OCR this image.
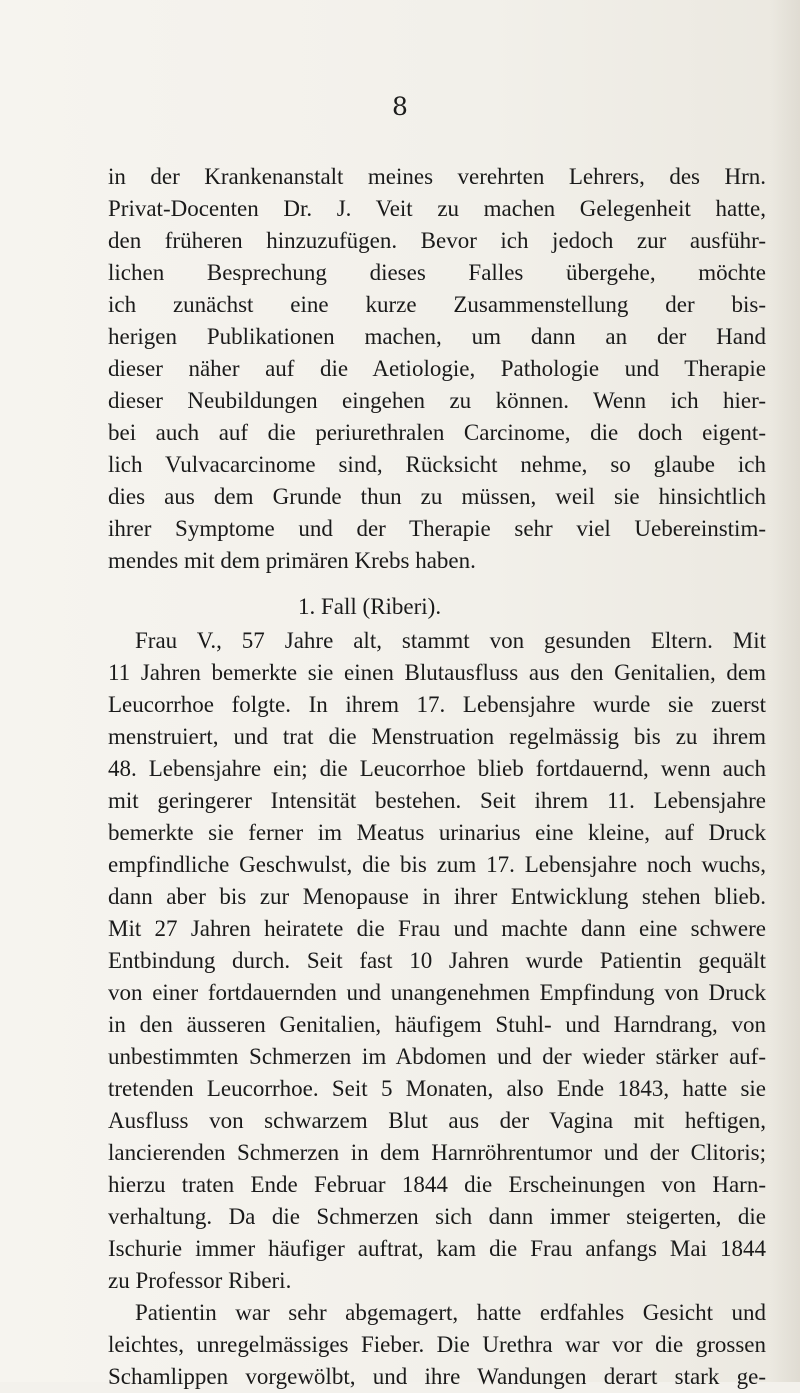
8

in der Krankenanstalt meines verehrten Lehrers, des Hrn.
Privat-Docenten Dr. J. Veit zu machen Gelegenheit hatte,
den früheren hinzuzufügen. Bevor ich jedoch zur ausführ-
lichen Besprechung dieses Falles übergehe, möchte
ich zunächst eine kurze Zusammenstellung der bis-
herigen Publikationen machen, um dann an der Hand
dieser näher auf die Aetiologie, Pathologie und Therapie
dieser Neubildungen eingehen zu können. Wenn ich hier-
bei auch auf die periurethralen Carcinome, die doch eigent-
lich Vulvacarcinome sind, Rücksicht nehme, so glaube ich
dies aus dem Grunde thun zu müssen, weil sie hinsichtlich
ihrer Symptome und der Therapie sehr viel Uebereinstim-
mendes mit dem primären Krebs haben.
1. Fall (Riberi).
Frau V., 57 Jahre alt, stammt von gesunden Eltern. Mit
11 Jahren bemerkte sie einen Blutausfluss aus den Genitalien, dem
Leucorrhoe folgte. In ihrem 17. Lebensjahre wurde sie zuerst
menstruiert, und trat die Menstruation regelmässig bis zu ihrem
48. Lebensjahre ein; die Leucorrhoe blieb fortdauernd, wenn auch
mit geringerer Intensität bestehen. Seit ihrem 11. Lebensjahre
bemerkte sie ferner im Meatus urinarius eine kleine, auf Druck
empfindliche Geschwulst, die bis zum 17. Lebensjahre noch wuchs,
dann aber bis zur Menopause in ihrer Entwicklung stehen blieb.
Mit 27 Jahren heiratete die Frau und machte dann eine schwere
Entbindung durch. Seit fast 10 Jahren wurde Patientin gequält
von einer fortdauernden und unangenehmen Empfindung von Druck
in den äusseren Genitalien, häufigem Stuhl- und Harndrang, von
unbestimmten Schmerzen im Abdomen und der wieder stärker auf-
tretenden Leucorrhoe. Seit 5 Monaten, also Ende 1843, hatte sie
Ausfluss von schwarzem Blut aus der Vagina mit heftigen,
lancierenden Schmerzen in dem Harnröhrentumor und der Clitoris;
hierzu traten Ende Februar 1844 die Erscheinungen von Harn-
verhaltung. Da die Schmerzen sich dann immer steigerten, die
Ischurie immer häufiger auftrat, kam die Frau anfangs Mai 1844
zu Professor Riberi.
Patientin war sehr abgemagert, hatte erdfahles Gesicht und
leichtes, unregelmässiges Fieber. Die Urethra war vor die grossen
Schamlippen vorgewölbt, und ihre Wandungen derart stark ge-
